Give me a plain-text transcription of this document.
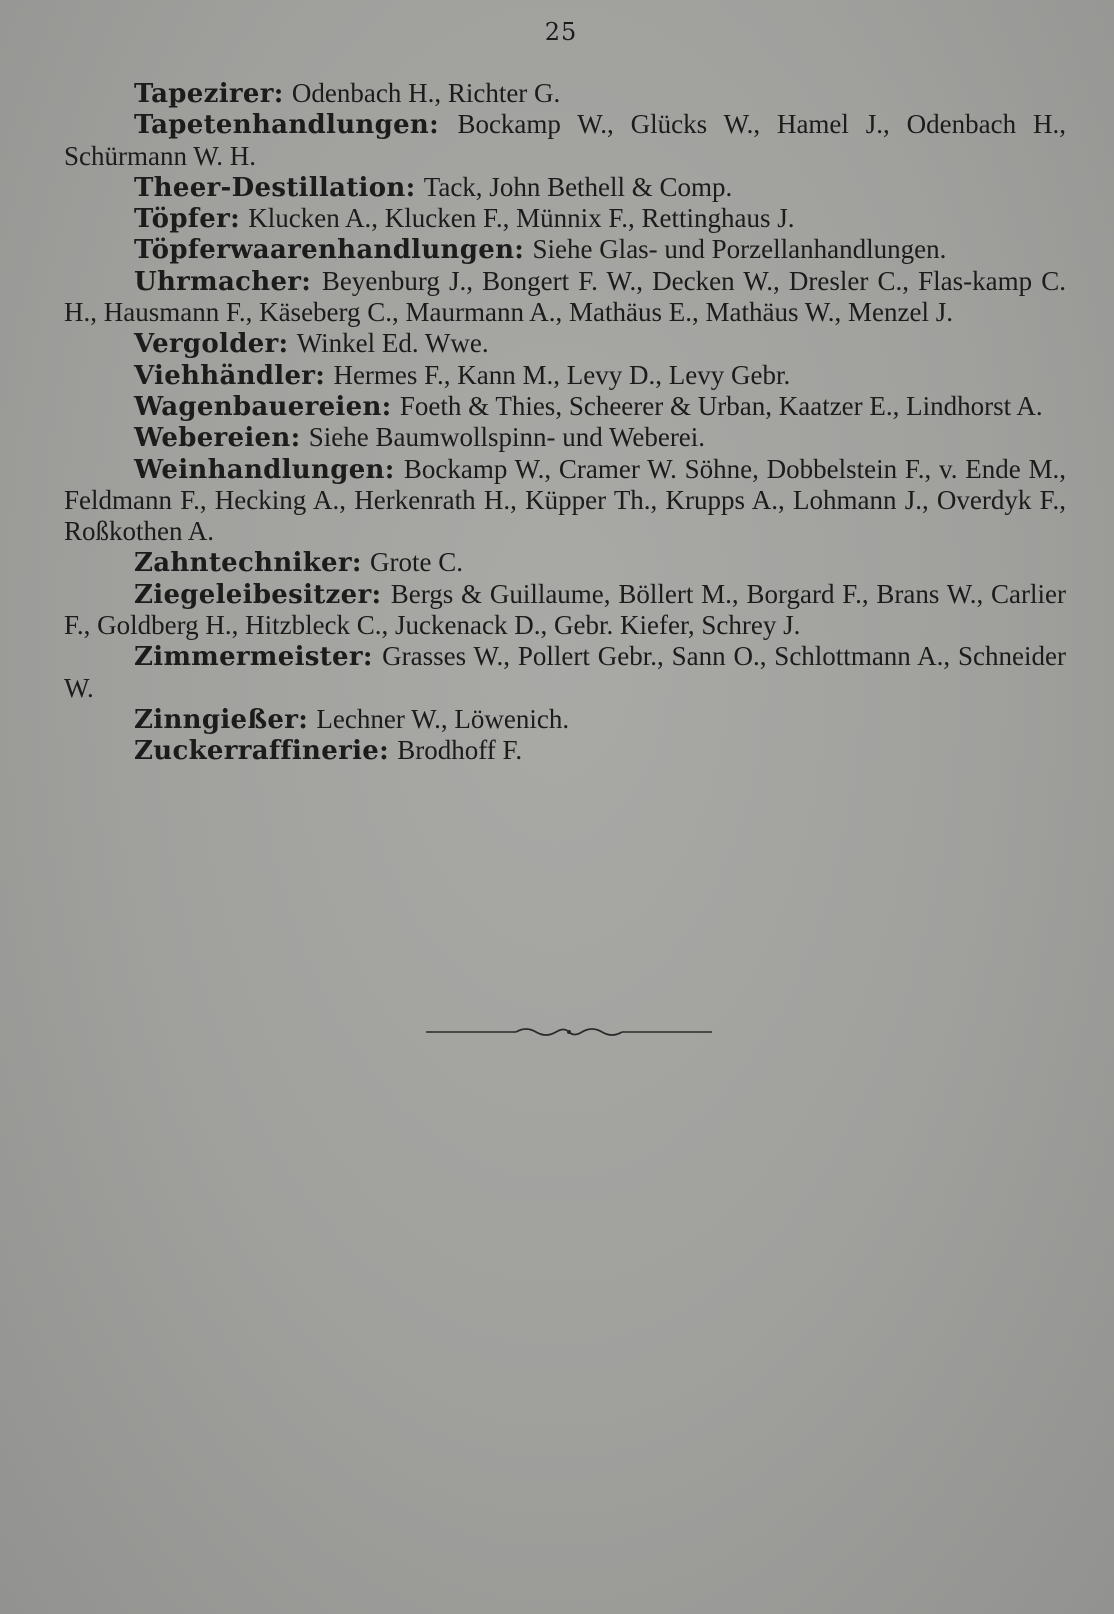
25
Tapezirer: Odenbach H., Richter G.
Tapetenhandlungen: Bockamp W., Glücks W., Hamel J., Odenbach H., Schürmann W. H.
Theer-Destillation: Tack, John Bethell & Comp.
Töpfer: Klucken A., Klucken F., Münnix F., Rettinghaus J.
Töpferwaarenhandlungen: Siehe Glas- und Porzellanhandlungen.
Uhrmacher: Beyenburg J., Bongert F. W., Decken W., Dresler C., Flas-kamp C. H., Hausmann F., Käseberg C., Maurmann A., Mathäus E., Mathäus W., Menzel J.
Vergolder: Winkel Ed. Wwe.
Viehhändler: Hermes F., Kann M., Levy D., Levy Gebr.
Wagenbauereien: Foeth & Thies, Scheerer & Urban, Kaatzer E., Lindhorst A.
Webereien: Siehe Baumwollspinn- und Weberei.
Weinhandlungen: Bockamp W., Cramer W. Söhne, Dobbelstein F., v. Ende M., Feldmann F., Hecking A., Herkenrath H., Küpper Th., Krupps A., Lohmann J., Overdyk F., Roßkothen A.
Zahntechniker: Grote C.
Ziegeleibesitzer: Bergs & Guillaume, Böllert M., Borgard F., Brans W., Carlier F., Goldberg H., Hitzbleck C., Juckenack D., Gebr. Kiefer, Schrey J.
Zimmermeister: Grasses W., Pollert Gebr., Sann O., Schlottmann A., Schneider W.
Zinngießer: Lechner W., Löwenich.
Zuckerraffinerie: Brodhoff F.
